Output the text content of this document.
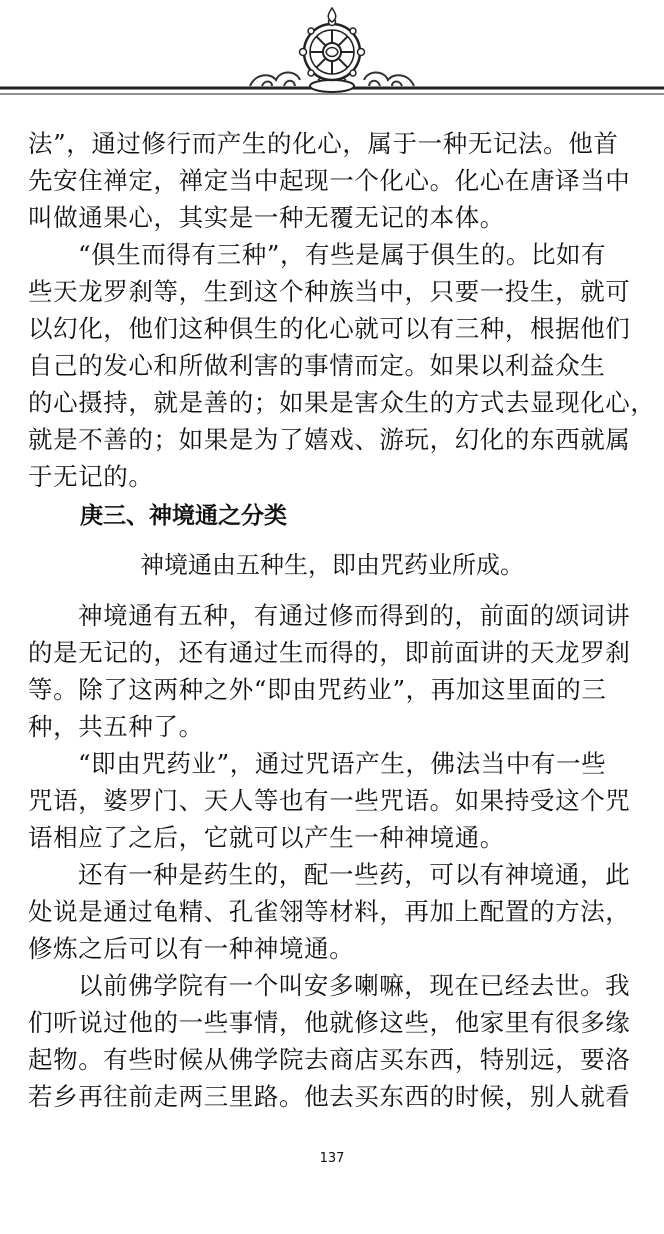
法”，通过修行而产生的化心，属于一种无记法。他首
先安住禅定，禅定当中起现一个化心。化心在唐译当中
叫做通果心，其实是一种无覆无记的本体。
“俱生而得有三种”，有些是属于俱生的。比如有
些天龙罗刹等，生到这个种族当中，只要一投生，就可
以幻化，他们这种俱生的化心就可以有三种，根据他们
自己的发心和所做利害的事情而定。如果以利益众生
的心摄持，就是善的；如果是害众生的方式去显现化心，
就是不善的；如果是为了嬉戏、游玩，幻化的东西就属
于无记的。
庚三、神境通之分类
神境通由五种生，即由咒药业所成。
神境通有五种，有通过修而得到的，前面的颂词讲
的是无记的，还有通过生而得的，即前面讲的天龙罗刹
等。除了这两种之外“即由咒药业”，再加这里面的三
种，共五种了。
“即由咒药业”，通过咒语产生，佛法当中有一些
咒语，婆罗门、天人等也有一些咒语。如果持受这个咒
语相应了之后，它就可以产生一种神境通。
还有一种是药生的，配一些药，可以有神境通，此
处说是通过龟精、孔雀翎等材料，再加上配置的方法，
修炼之后可以有一种神境通。
以前佛学院有一个叫安多喇嘛，现在已经去世。我
们听说过他的一些事情，他就修这些，他家里有很多缘
起物。有些时候从佛学院去商店买东西，特别远，要洛
若乡再往前走两三里路。他去买东西的时候，别人就看
137
